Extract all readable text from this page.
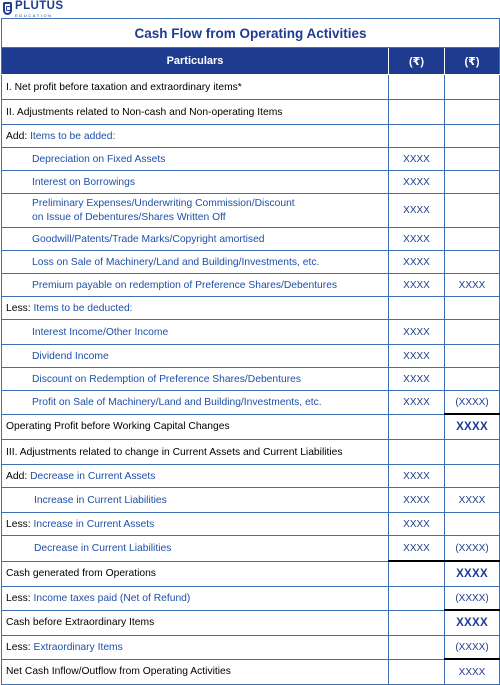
PLUTUS
EDUCATION
Cash Flow from Operating Activities		
Particulars	(₹)	(₹)
I. Net profit before taxation and extraordinary items*		
II. Adjustments related to Non-cash and Non-operating Items		
Add: Items to be added:		
Depreciation on Fixed Assets	XXXX	
Interest on Borrowings	XXXX	
Preliminary Expenses/Underwriting Commission/Discount
on Issue of Debentures/Shares Written Off	XXXX	
Goodwill/Patents/Trade Marks/Copyright amortised	XXXX	
Loss on Sale of Machinery/Land and Building/Investments, etc.	XXXX	
Premium payable on redemption of Preference Shares/Debentures	XXXX	XXXX
Less: Items to be deducted:		
Interest Income/Other Income	XXXX	
Dividend Income	XXXX	
Discount on Redemption of Preference Shares/Debentures	XXXX	
Profit on Sale of Machinery/Land and Building/Investments, etc.	XXXX	(XXXX)
Operating Profit before Working Capital Changes		XXXX
III. Adjustments related to change in Current Assets and Current Liabilities		
Add: Decrease in Current Assets	XXXX	
Increase in Current Liabilities	XXXX	XXXX
Less: Increase in Current Assets	XXXX	
Decrease in Current Liabilities	XXXX	(XXXX)
Cash generated from Operations		XXXX
Less: Income taxes paid (Net of Refund)		(XXXX)
Cash before Extraordinary Items		XXXX
Less: Extraordinary Items		(XXXX)
Net Cash Inflow/Outflow from Operating Activities		XXXX
